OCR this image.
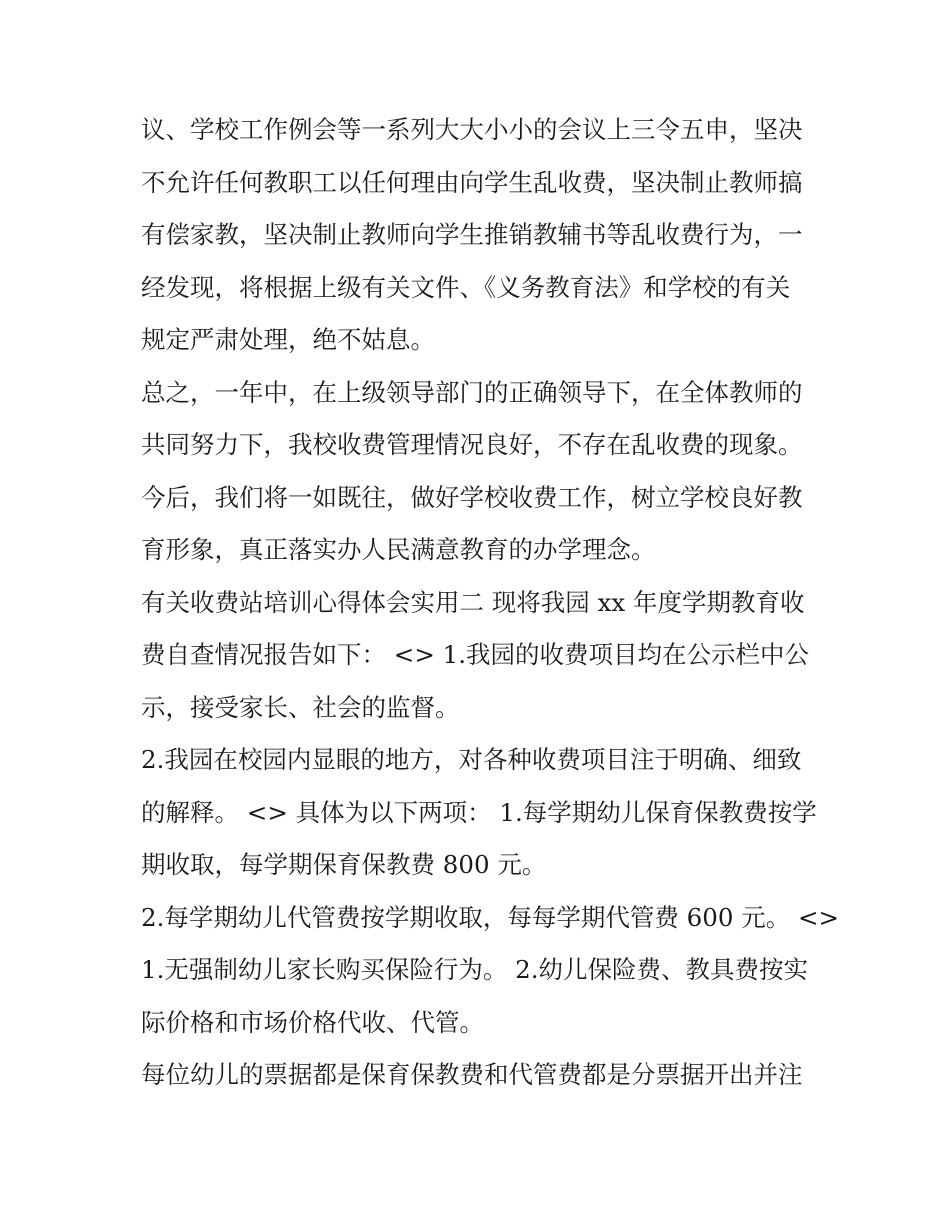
议、学校工作例会等一系列大大小小的会议上三令五申，坚决
不允许任何教职工以任何理由向学生乱收费，坚决制止教师搞
有偿家教，坚决制止教师向学生推销教辅书等乱收费行为，一
经发现，将根据上级有关文件、《义务教育法》和学校的有关
规定严肃处理，绝不姑息。
总之，一年中，在上级领导部门的正确领导下，在全体教师的
共同努力下，我校收费管理情况良好，不存在乱收费的现象。
今后，我们将一如既往，做好学校收费工作，树立学校良好教
育形象，真正落实办人民满意教育的办学理念。
有关收费站培训心得体会实用二 现将我园 xx 年度学期教育收
费自查情况报告如下： <> 1.我园的收费项目均在公示栏中公
示，接受家长、社会的监督。
2.我园在校园内显眼的地方，对各种收费项目注于明确、细致
的解释。 <> 具体为以下两项： 1.每学期幼儿保育保教费按学
期收取，每学期保育保教费 800 元。
2.每学期幼儿代管费按学期收取，每每学期代管费 600 元。 <>
1.无强制幼儿家长购买保险行为。 2.幼儿保险费、教具费按实
际价格和市场价格代收、代管。
每位幼儿的票据都是保育保教费和代管费都是分票据开出并注
